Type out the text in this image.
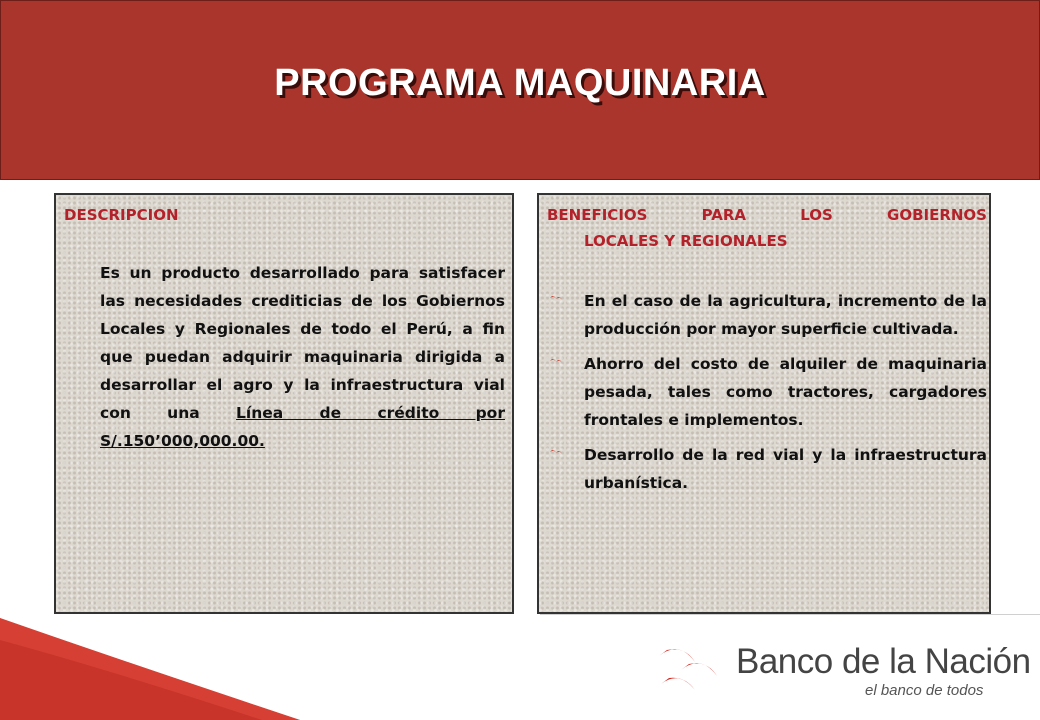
PROGRAMA MAQUINARIA
DESCRIPCION
Es un producto desarrollado para satisfacer las necesidades crediticias de los Gobiernos Locales y Regionales de todo el Perú, a fin que puedan adquirir maquinaria dirigida a desarrollar el agro y la infraestructura vial con una Línea de crédito por S/.150’000,000.00.
BENEFICIOS PARA LOS GOBIERNOS
LOCALES Y REGIONALES
En el caso de la agricultura, incremento de la producción por mayor superficie cultivada.
Ahorro del costo de alquiler de maquinaria pesada, tales como tractores, cargadores frontales e implementos.
Desarrollo de la red vial y la infraestructura urbanística.
Banco de la Nación
el banco de todos
